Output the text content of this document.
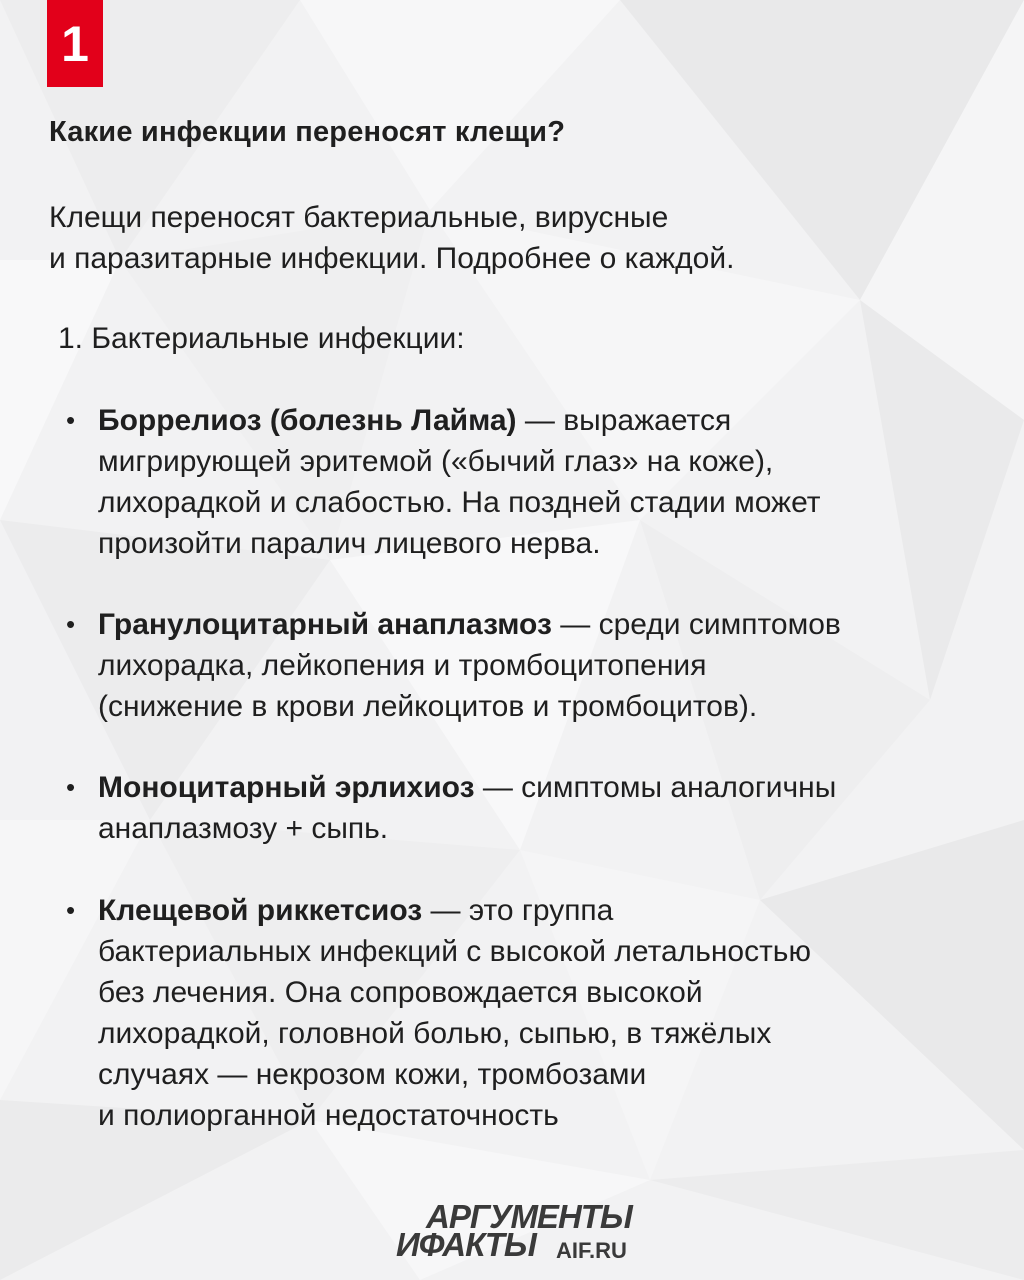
1
Какие инфекции переносят клещи?
Клещи переносят бактериальные, вирусные
и паразитарные инфекции. Подробнее о каждой.
1. Бактериальные инфекции:
• Боррелиоз (болезнь Лайма) — выражается
мигрирующей эритемой («бычий глаз» на коже),
лихорадкой и слабостью. На поздней стадии может
произойти паралич лицевого нерва.
• Гранулоцитарный анаплазмоз — среди симптомов
лихорадка, лейкопения и тромбоцитопения
(снижение в крови лейкоцитов и тромбоцитов).
• Моноцитарный эрлихиоз — симптомы аналогичны
анаплазмозу + сыпь.
• Клещевой риккетсиоз — это группа
бактериальных инфекций с высокой летальностью
без лечения. Она сопровождается высокой
лихорадкой, головной болью, сыпью, в тяжёлых
случаях — некрозом кожи, тромбозами
и полиорганной недостаточность
АРГУМЕНТЫ
ИФАКТЫ AIF.RU
